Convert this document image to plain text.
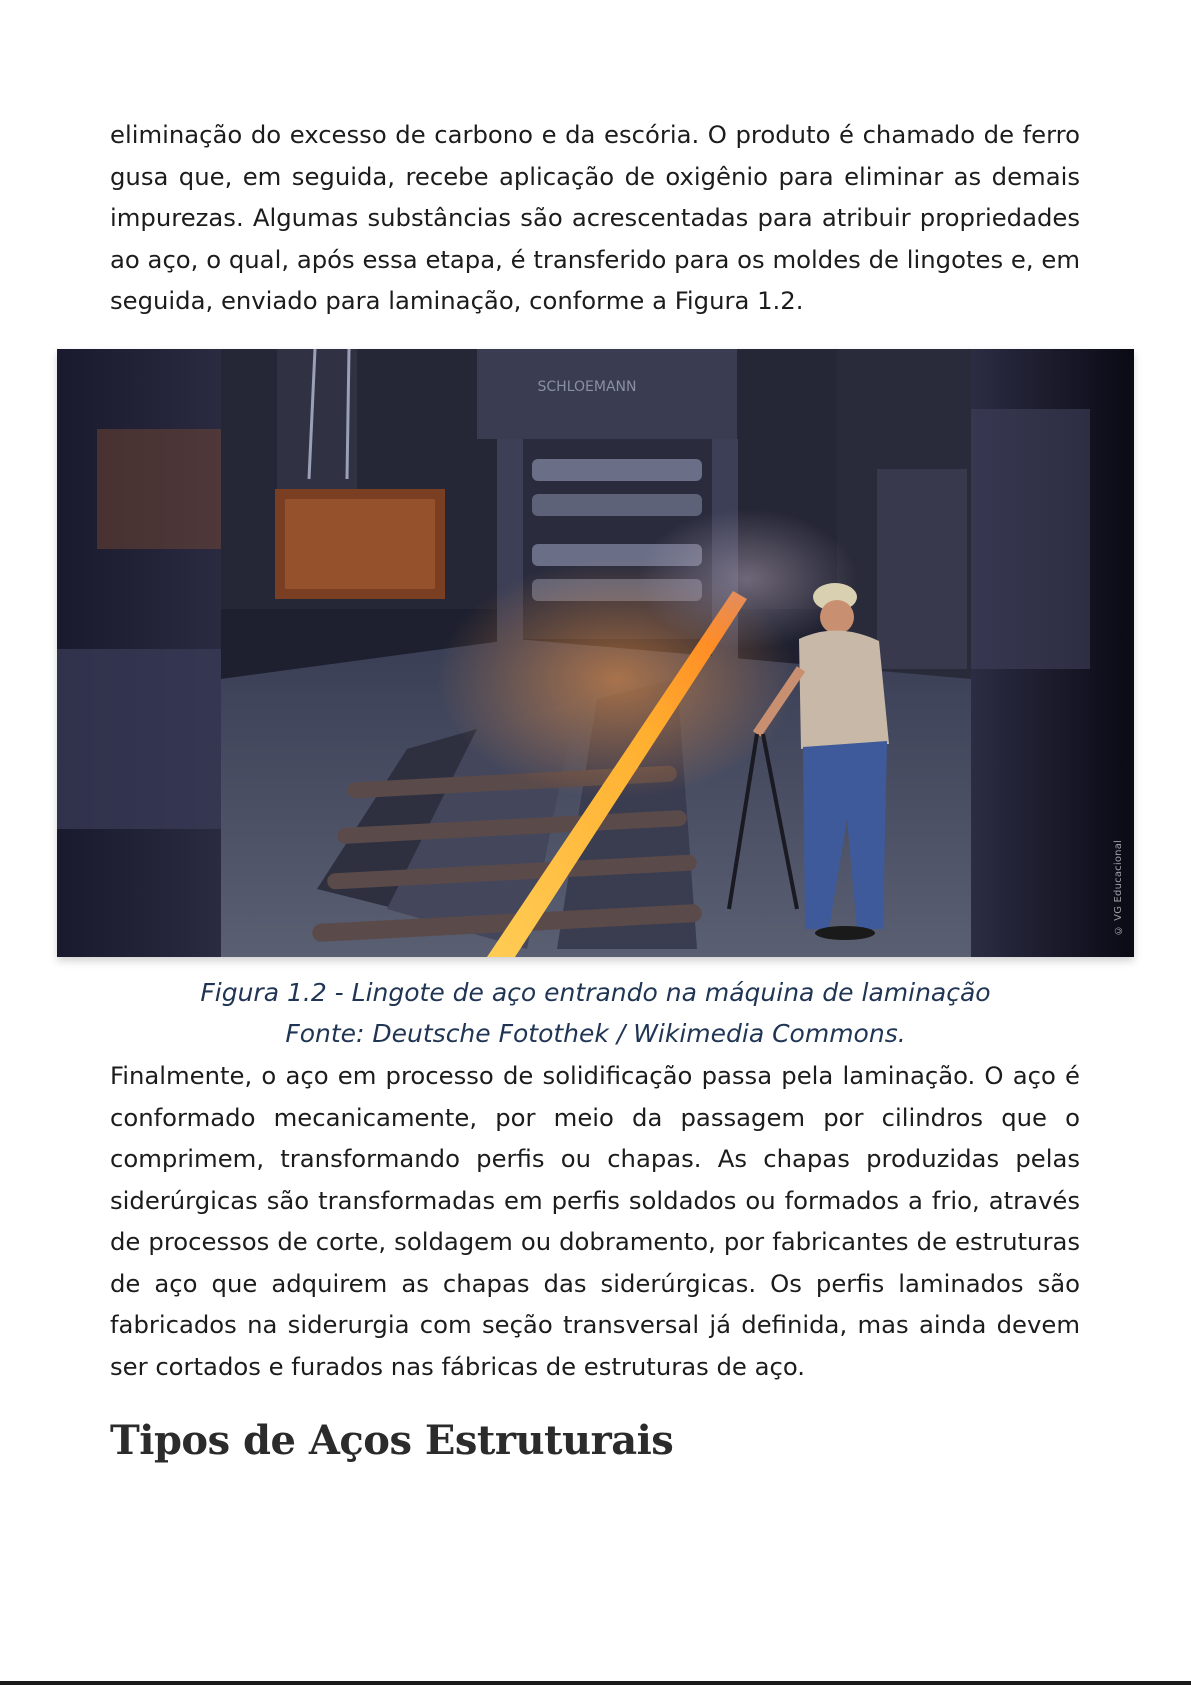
eliminação do excesso de carbono e da escória. O produto é chamado de ferro gusa que, em seguida, recebe aplicação de oxigênio para eliminar as demais impurezas. Algumas substâncias são acrescentadas para atribuir propriedades ao aço, o qual, após essa etapa, é transferido para os moldes de lingotes e, em seguida, enviado para laminação, conforme a Figura 1.2.

SCHLOEMANN
© VG Educacional

Figura 1.2 - Lingote de aço entrando na máquina de laminação

Fonte: Deutsche Fotothek / Wikimedia Commons.

Finalmente, o aço em processo de solidificação passa pela laminação. O aço é conformado mecanicamente, por meio da passagem por cilindros que o comprimem, transformando perfis ou chapas. As chapas produzidas pelas siderúrgicas são transformadas em perfis soldados ou formados a frio, através de processos de corte, soldagem ou dobramento, por fabricantes de estruturas de aço que adquirem as chapas das siderúrgicas. Os perfis laminados são fabricados na siderurgia com seção transversal já definida, mas ainda devem ser cortados e furados nas fábricas de estruturas de aço.

Tipos de Aços Estruturais
